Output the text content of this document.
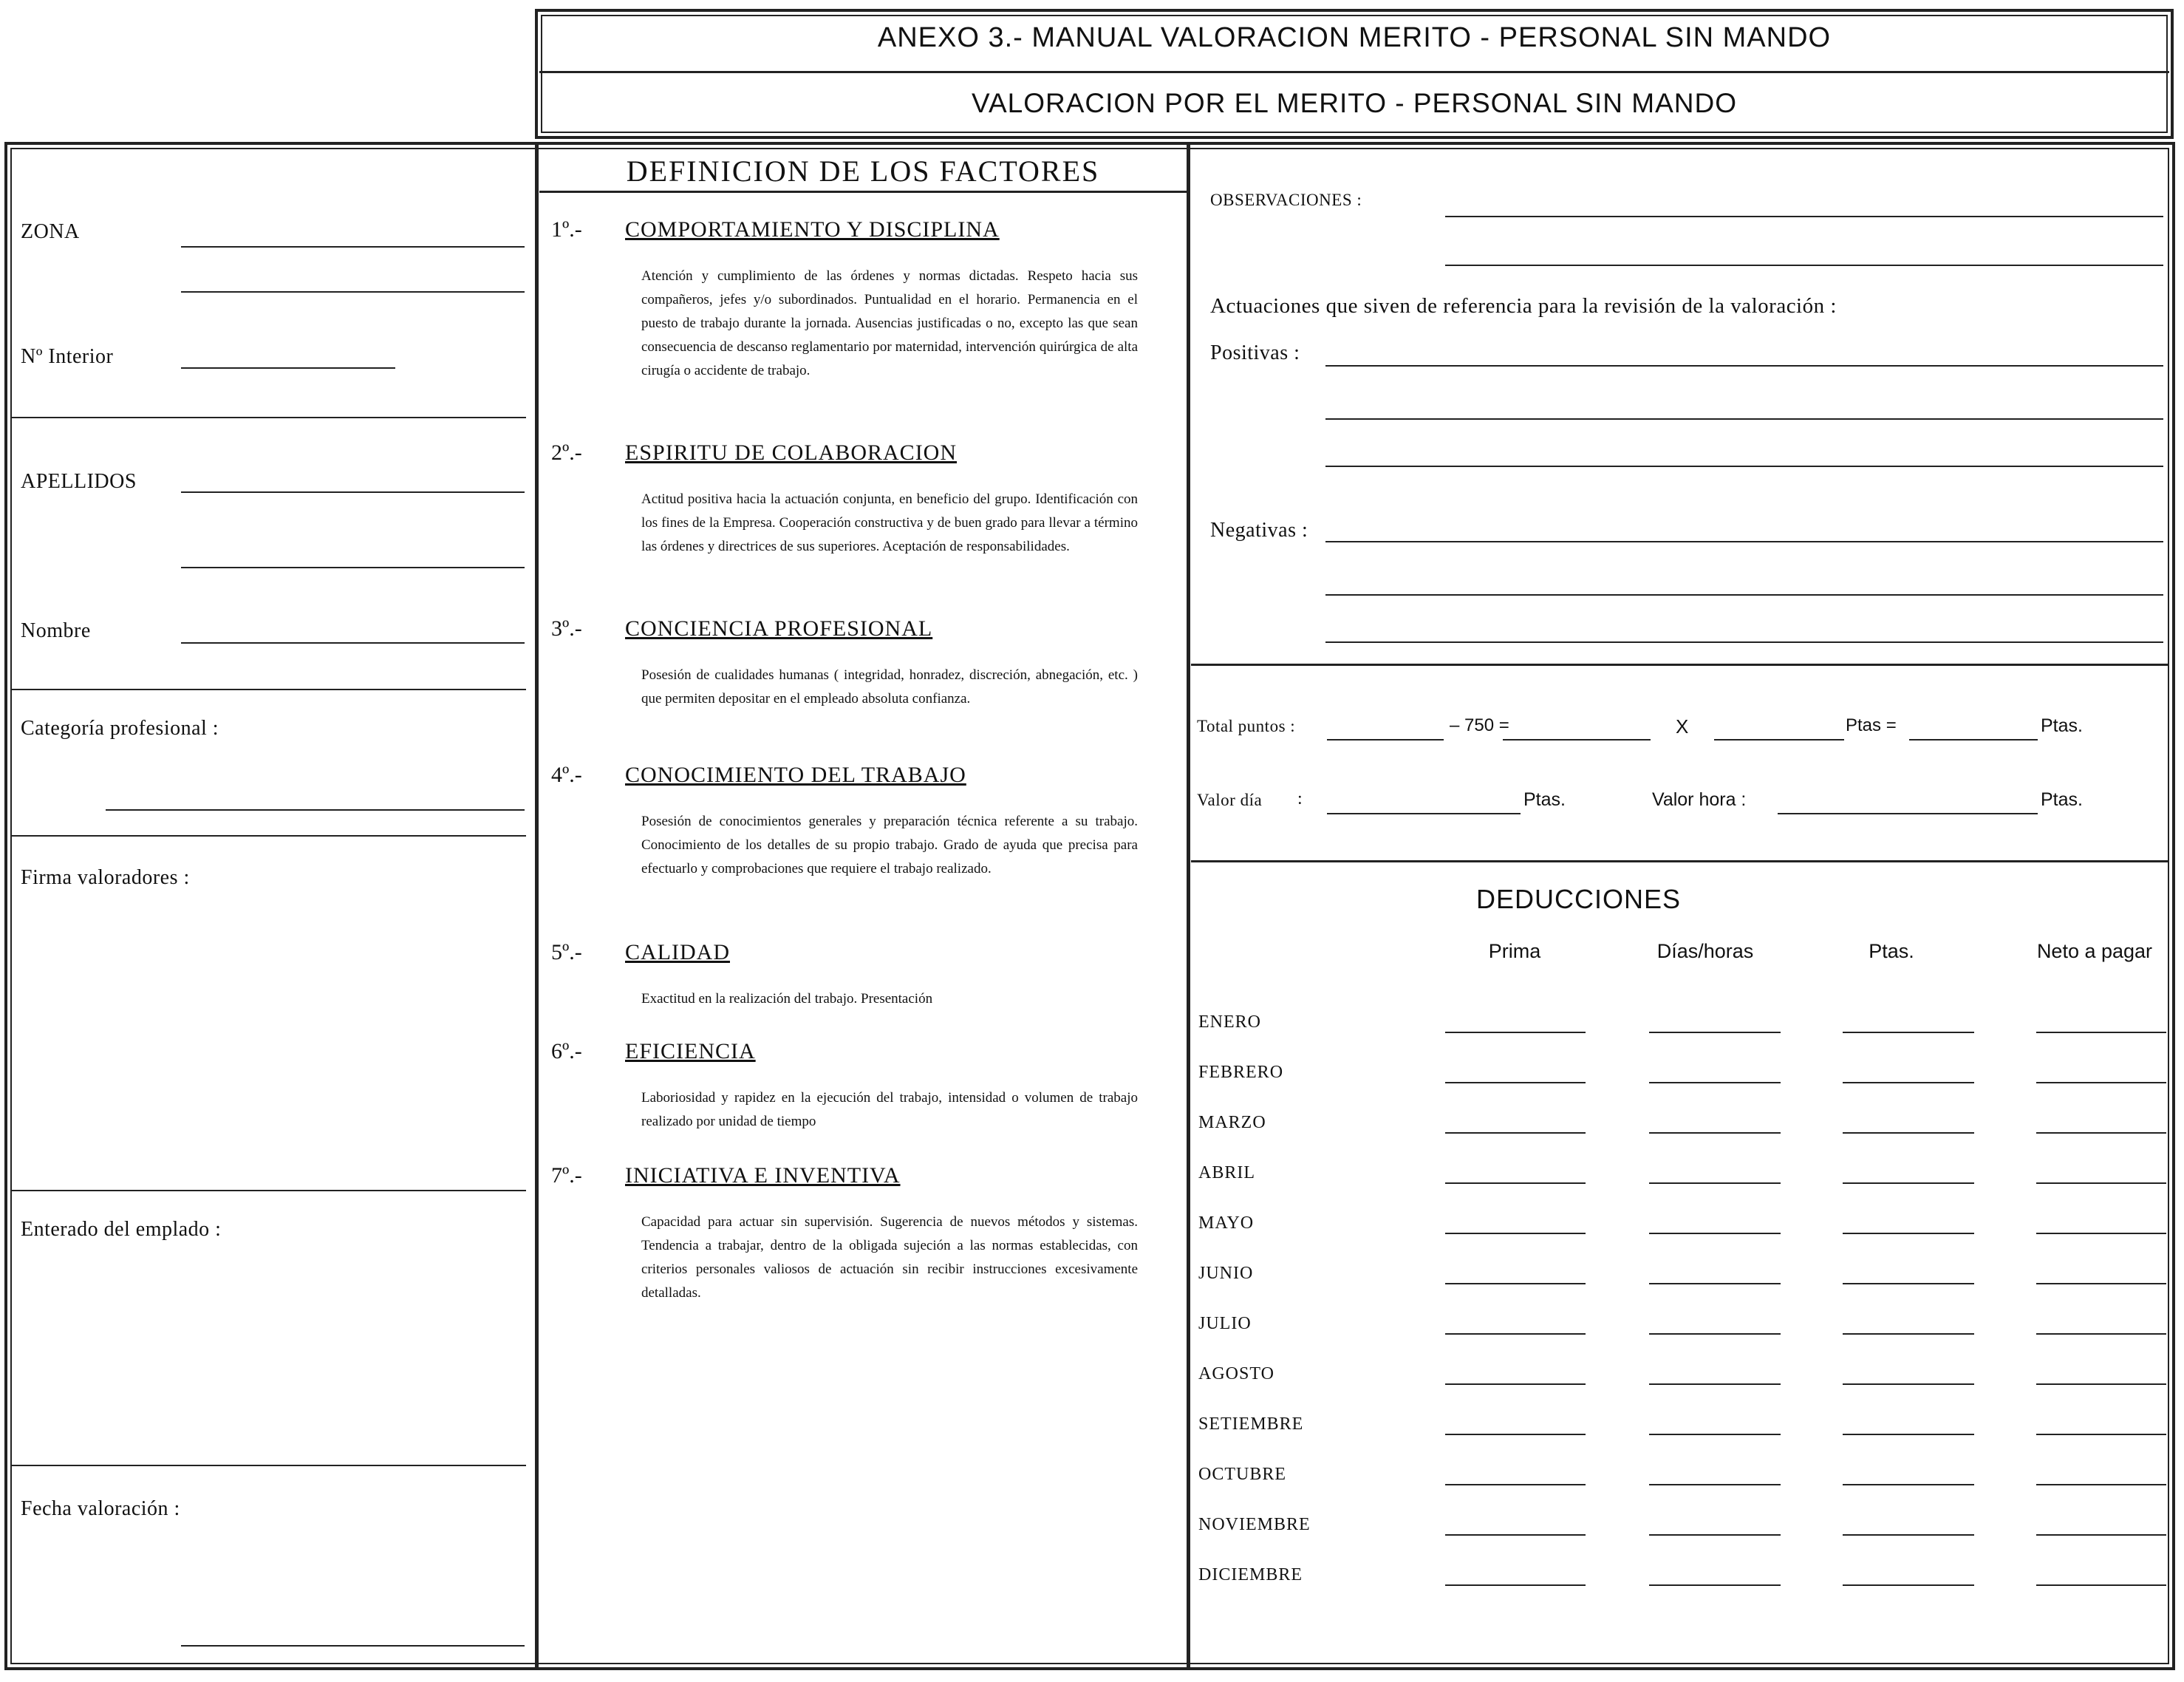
ANEXO 3.- MANUAL VALORACION MERITO - PERSONAL SIN MANDO
VALORACION POR EL MERITO - PERSONAL SIN MANDO
ZONA
Nº Interior
APELLIDOS
Nombre
Categoría profesional :
Firma valoradores :
Enterado del emplado :
Fecha valoración :
DEFINICION DE LOS FACTORES
1º.- COMPORTAMIENTO Y DISCIPLINA
Atención y cumplimiento de las órdenes y normas dictadas. Respeto hacia sus compañeros, jefes y/o subordinados. Puntualidad en el horario. Permanencia en el puesto de trabajo durante la jornada. Ausencias justificadas o no, excepto las que sean consecuencia de descanso reglamentario por maternidad, intervención quirúrgica de alta cirugía o accidente de trabajo.
2º.- ESPIRITU DE COLABORACION
Actitud positiva hacia la actuación conjunta, en beneficio del grupo. Identificación con los fines de la Empresa. Cooperación constructiva y de buen grado para llevar a término las órdenes y directrices de sus superiores. Aceptación de responsabilidades.
3º.- CONCIENCIA PROFESIONAL
Posesión de cualidades humanas ( integridad, honradez, discreción, abnegación, etc. ) que permiten depositar en el empleado absoluta confianza.
4º.- CONOCIMIENTO DEL TRABAJO
Posesión de conocimientos generales y preparación técnica referente a su trabajo. Conocimiento de los detalles de su propio trabajo. Grado de ayuda que precisa para efectuarlo y comprobaciones que requiere el trabajo realizado.
5º.- CALIDAD
Exactitud en la realización del trabajo. Presentación
6º.- EFICIENCIA
Laboriosidad y rapidez en la ejecución del trabajo, intensidad o volumen de trabajo realizado por unidad de tiempo
7º.- INICIATIVA E INVENTIVA
Capacidad para actuar sin supervisión. Sugerencia de nuevos métodos y sistemas. Tendencia a trabajar, dentro de la obligada sujeción a las normas establecidas, con criterios personales valiosos de actuación sin recibir instrucciones excesivamente detalladas.
OBSERVACIONES :
Actuaciones que siven de referencia para la revisión de la valoración :
Positivas :
Negativas :
Total puntos :	– 750 =	X	Ptas =	Ptas.
Valor día :	Ptas.	Valor hora :	Ptas.
DEDUCCIONES
Prima	Días/horas	Ptas.	Neto a pagar
ENERO
FEBRERO
MARZO
ABRIL
MAYO
JUNIO
JULIO
AGOSTO
SETIEMBRE
OCTUBRE
NOVIEMBRE
DICIEMBRE
